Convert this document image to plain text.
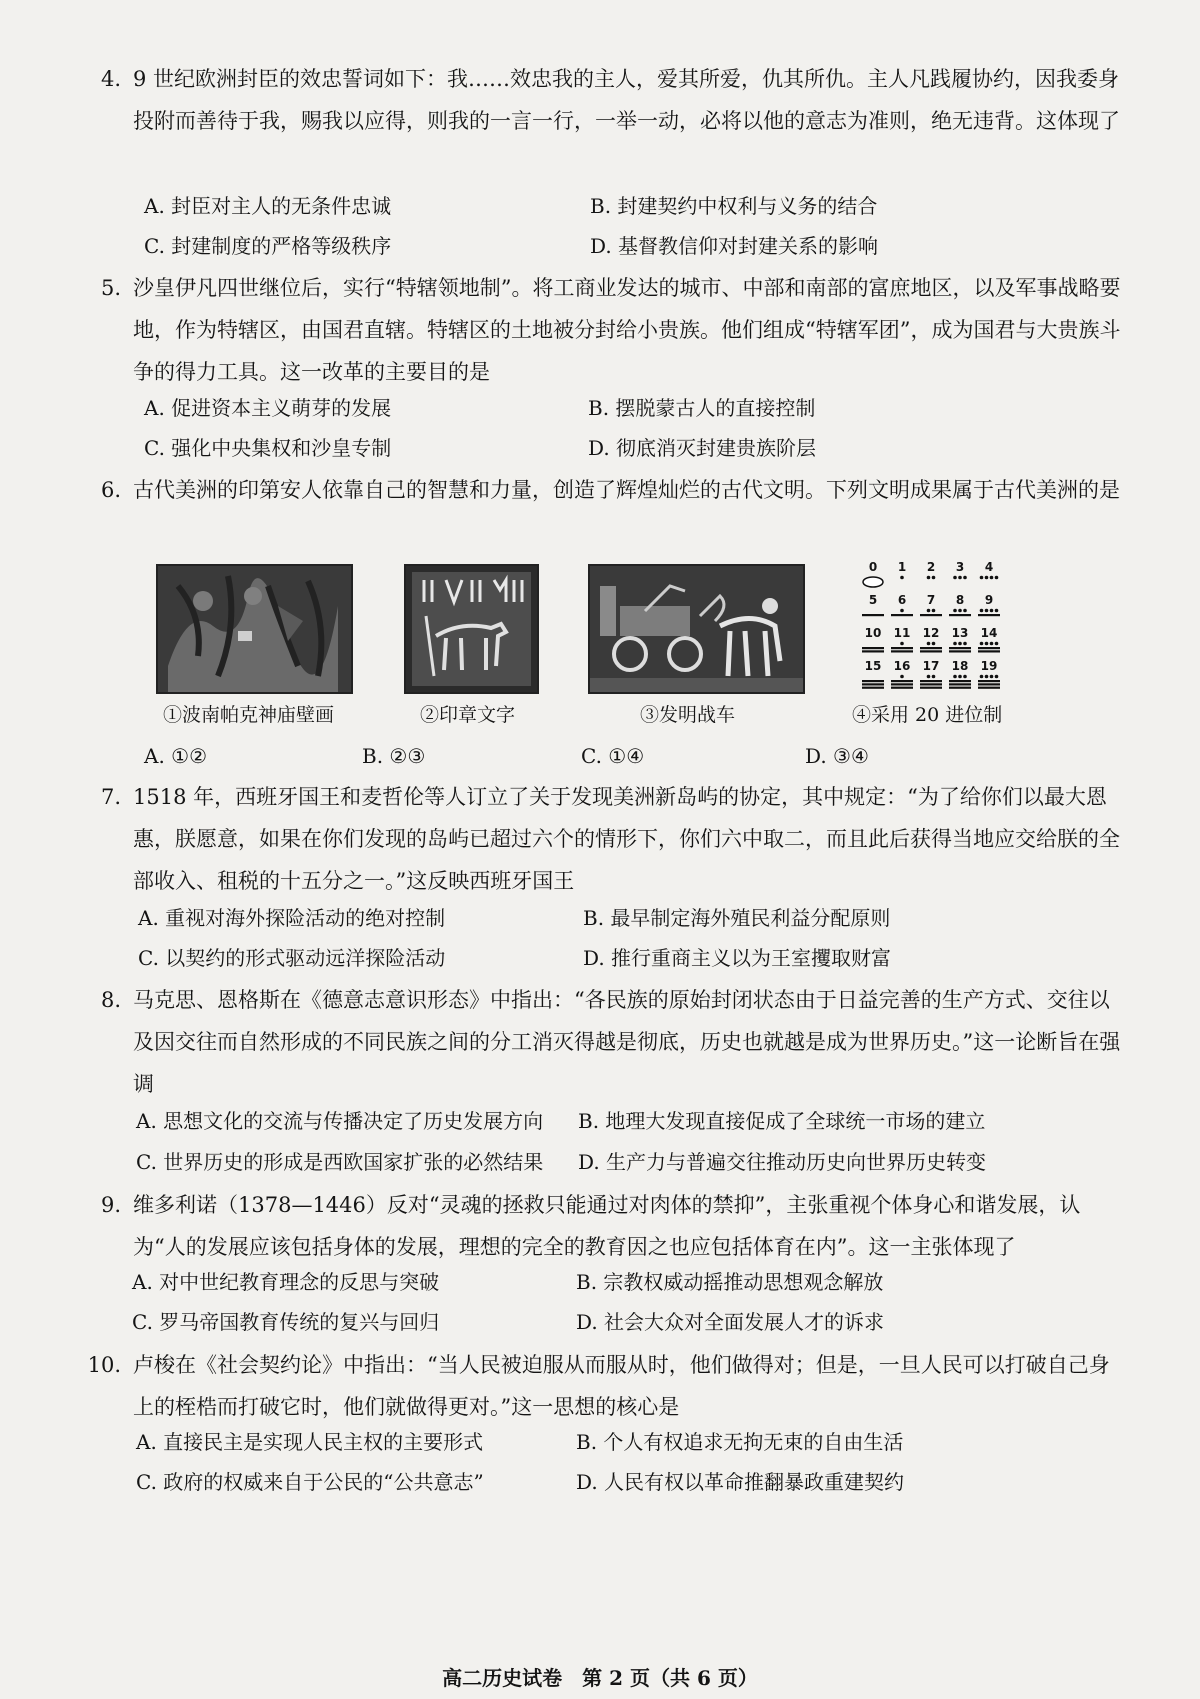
4. 9 世纪欧洲封臣的效忠誓词如下：我……效忠我的主人，爱其所爱，仇其所仇。主人凡践履协约，因我委身投附而善待于我，赐我以应得，则我的一言一行，一举一动，必将以他的意志为准则，绝无违背。这体现了
A. 封臣对主人的无条件忠诚	B. 封建契约中权利与义务的结合
C. 封建制度的严格等级秩序	D. 基督教信仰对封建关系的影响
5. 沙皇伊凡四世继位后，实行“特辖领地制”。将工商业发达的城市、中部和南部的富庶地区，以及军事战略要地，作为特辖区，由国君直辖。特辖区的土地被分封给小贵族。他们组成“特辖军团”，成为国君与大贵族斗争的得力工具。这一改革的主要目的是
A. 促进资本主义萌芽的发展	B. 摆脱蒙古人的直接控制
C. 强化中央集权和沙皇专制	D. 彻底消灭封建贵族阶层
6. 古代美洲的印第安人依靠自己的智慧和力量，创造了辉煌灿烂的古代文明。下列文明成果属于古代美洲的是
0	1	2	3	4
5	6	7	8	9
10	11	12	13	14
15	16	17	18	19
①波南帕克神庙壁画	②印章文字	③发明战车	④采用 20 进位制
A. ①②	B. ②③	C. ①④	D. ③④
7. 1518 年，西班牙国王和麦哲伦等人订立了关于发现美洲新岛屿的协定，其中规定：“为了给你们以最大恩惠，朕愿意，如果在你们发现的岛屿已超过六个的情形下，你们六中取二，而且此后获得当地应交给朕的全部收入、租税的十五分之一。”这反映西班牙国王
A. 重视对海外探险活动的绝对控制	B. 最早制定海外殖民利益分配原则
C. 以契约的形式驱动远洋探险活动	D. 推行重商主义以为王室攫取财富
8. 马克思、恩格斯在《德意志意识形态》中指出：“各民族的原始封闭状态由于日益完善的生产方式、交往以及因交往而自然形成的不同民族之间的分工消灭得越是彻底，历史也就越是成为世界历史。”这一论断旨在强调
A. 思想文化的交流与传播决定了历史发展方向 B. 地理大发现直接促成了全球统一市场的建立
C. 世界历史的形成是西欧国家扩张的必然结果 D. 生产力与普遍交往推动历史向世界历史转变
9. 维多利诺（1378—1446）反对“灵魂的拯救只能通过对肉体的禁抑”，主张重视个体身心和谐发展，认为“人的发展应该包括身体的发展，理想的完全的教育因之也应包括体育在内”。这一主张体现了
A. 对中世纪教育理念的反思与突破	B. 宗教权威动摇推动思想观念解放
C. 罗马帝国教育传统的复兴与回归	D. 社会大众对全面发展人才的诉求
10. 卢梭在《社会契约论》中指出：“当人民被迫服从而服从时，他们做得对；但是，一旦人民可以打破自己身上的桎梏而打破它时，他们就做得更对。”这一思想的核心是
A. 直接民主是实现人民主权的主要形式	B. 个人有权追求无拘无束的自由生活
C. 政府的权威来自于公民的“公共意志”	D. 人民有权以革命推翻暴政重建契约
高二历史试卷　第 2 页（共 6 页）
